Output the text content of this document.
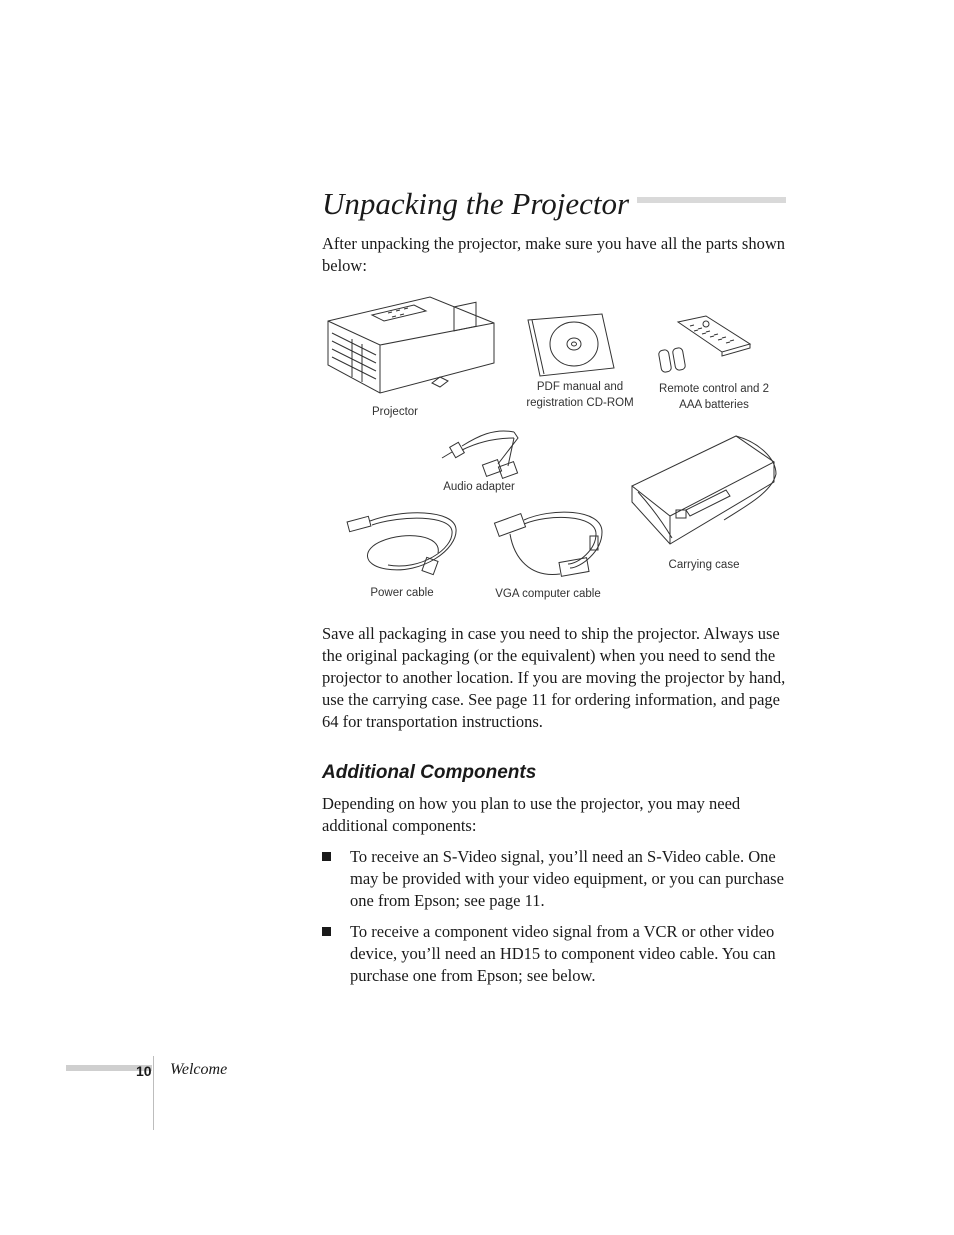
Unpacking the Projector

After unpacking the projector, make sure you have all the parts shown below:

Projector
PDF manual and registration CD-ROM
Remote control and 2 AAA batteries
Audio adapter
Carrying case
Power cable	VGA computer cable

Save all packaging in case you need to ship the projector. Always use the original packaging (or the equivalent) when you need to send the projector to another location. If you are moving the projector by hand, use the carrying case. See page 11 for ordering information, and page 64 for transportation instructions.

Additional Components

Depending on how you plan to use the projector, you may need additional components:

To receive an S-Video signal, you’ll need an S-Video cable. One may be provided with your video equipment, or you can purchase one from Epson; see page 11.
To receive a component video signal from a VCR or other video device, you’ll need an HD15 to component video cable. You can purchase one from Epson; see below.
10 Welcome
